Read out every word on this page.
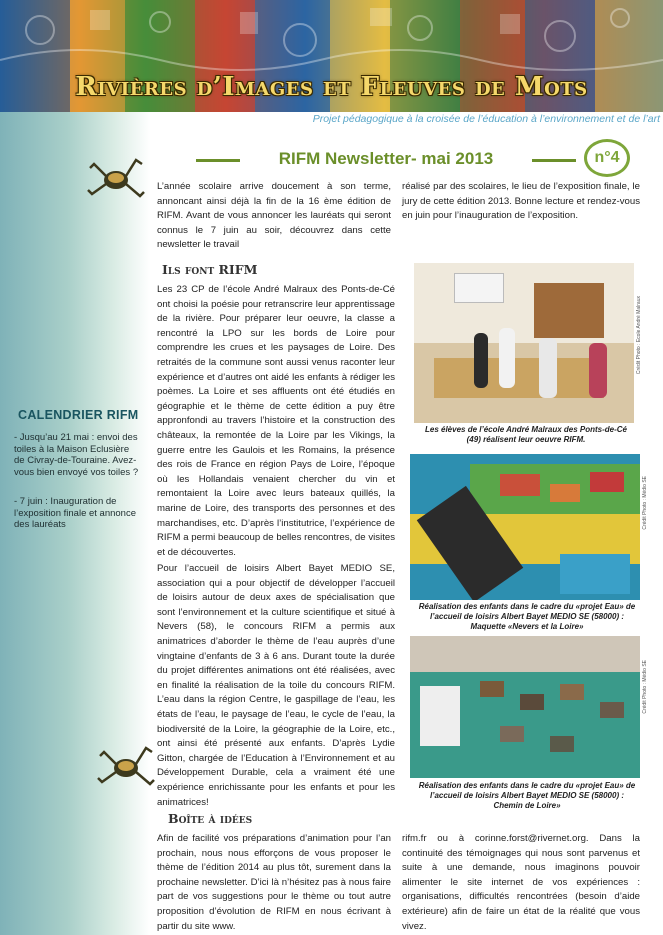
Rivières d’Images et Fleuves de Mots
Projet pédagogique à la croisée de l’éducation à l’environnement et de l’art
CALENDRIER RIFM
- Jusqu’au 21 mai : envoi des toiles à la Maison Eclusière de Civray-de-Touraine. Avez-vous bien envoyé vos toiles ?
- 7 juin : Inauguration de l’exposition finale et annonce des lauréats
RIFM Newsletter- mai 2013	n°4
L’année scolaire arrive doucement à son terme, annoncant ainsi déjà la fin de la 16 ème édition de RIFM. Avant de vous annoncer les lauréats qui seront connus le 7 juin au soir, découvrez dans cette newsletter le travail
réalisé par des scolaires, le lieu de l’exposition finale, le jury de cette édition 2013. Bonne lecture et rendez-vous en juin pour l’inauguration de l’exposition.
Ils font RIFM
Les 23 CP de l’école André Malraux des Ponts-de-Cé ont choisi la poésie pour retranscrire leur apprentissage de la rivière. Pour préparer leur oeuvre, la classe a rencontré la LPO sur les bords de Loire pour comprendre les crues et les paysages de Loire. Des retraités de la commune sont aussi venus raconter leur expérience et d’autres ont aidé les enfants à rédiger les poèmes. La Loire et ses affluents ont été étudiés en géographie et le thème de cette édition a puy être appronfondi au travers l’histoire et la construction des châteaux, la remontée de la Loire par les Vikings, la guerre entre les Gaulois et les Romains, la présence des rois de France en région Pays de Loire, l’époque où les Hollandais venaient chercher du vin et remontaient la Loire avec leurs bateaux quillés, la marine de Loire, des transports des personnes et des marchandises, etc. D’après l’institutrice, l’expérience de RIFM a permi beaucoup de belles rencontres, de visites et de découvertes.
Pour l’accueil de loisirs Albert Bayet MEDIO SE, association qui a pour objectif de développer l’accueil de loisirs autour de deux axes de spécialisation que sont l’environnement et la culture scientifique et situé à Nevers (58), le concours RIFM a permis aux animatrices d’aborder le thème de l’eau auprès d’une vingtaine d’enfants de 3 à 6 ans. Durant toute la durée du projet différentes animations ont été réalisées, avec en finalité la réalisation de la toile du concours RIFM. L’eau dans la région Centre, le gaspillage de l’eau, les états de l’eau, le paysage de l’eau, le cycle de l’eau, la biodiversité de la Loire, la géographie de la Loire, etc., ont ainsi été présenté aux enfants. D’après Lydie Gitton, chargée de l’Education à l’Environnement et au Développement Durable, cela a vraiment été une expérience enrichissante pour les enfants et pour les animatrices!
Boîte à idées
Afin de facilité vos préparations d’animation pour l’an prochain, nous nous efforçons de vous proposer le thème de l’édition 2014 au plus tôt, surement dans la prochaine newsletter. D’ici là n’hésitez pas à nous faire part de vos suggestions pour le thème ou tout autre proposition d’évolution de RIFM en nous écrivant à partir du site www.
rifm.fr ou à corinne.forst@rivernet.org. Dans la continuité des témoignages qui nous sont parvenus et suite à une demande, nous imaginons pouvoir alimenter le site internet de vos expériences : organisations, difficultés rencontrées (besoin d’aide extérieure) afin de faire un état de la réalité que vous vivez.
Crédit Photo : Ecole André Malraux
Les élèves de l’école André Malraux des Ponts-de-Cé (49) réalisent leur oeuvre RIFM.
Crédit Photo : Médio SE
Réalisation des enfants dans le cadre du «projet Eau» de l’accueil de loisirs Albert Bayet MEDIO SE (58000) : Maquette «Nevers et la Loire»
Crédit Photo : Médio SE
Réalisation des enfants dans le cadre du «projet Eau» de l’accueil de loisirs Albert Bayet MEDIO SE (58000) : Chemin de Loire»
